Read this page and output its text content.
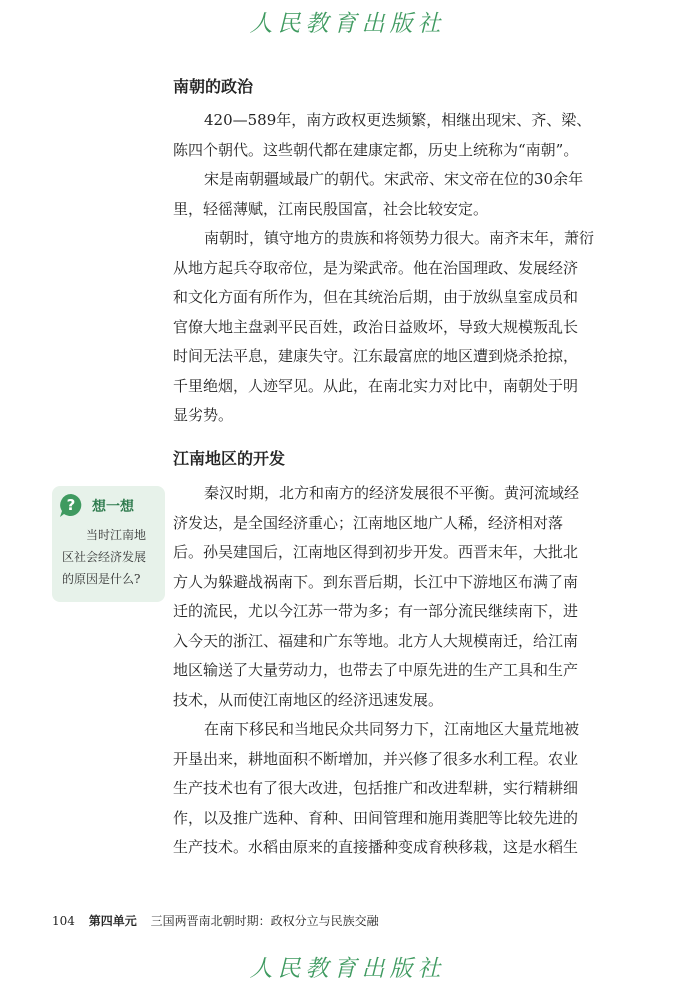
人民教育出版社
南朝的政治
420—589年，南方政权更迭频繁，相继出现宋、齐、梁、
陈四个朝代。这些朝代都在建康定都，历史上统称为“南朝”。
宋是南朝疆域最广的朝代。宋武帝、宋文帝在位的30余年
里，轻徭薄赋，江南民殷国富，社会比较安定。
南朝时，镇守地方的贵族和将领势力很大。南齐末年，萧衍
从地方起兵夺取帝位，是为梁武帝。他在治国理政、发展经济
和文化方面有所作为，但在其统治后期，由于放纵皇室成员和
官僚大地主盘剥平民百姓，政治日益败坏，导致大规模叛乱长
时间无法平息，建康失守。江东最富庶的地区遭到烧杀抢掠，
千里绝烟，人迹罕见。从此，在南北实力对比中，南朝处于明
显劣势。
江南地区的开发
? 想一想
当时江南地
区社会经济发展
的原因是什么?
秦汉时期，北方和南方的经济发展很不平衡。黄河流域经
济发达，是全国经济重心；江南地区地广人稀，经济相对落
后。孙吴建国后，江南地区得到初步开发。西晋末年，大批北
方人为躲避战祸南下。到东晋后期，长江中下游地区布满了南
迁的流民，尤以今江苏一带为多；有一部分流民继续南下，进
入今天的浙江、福建和广东等地。北方人大规模南迁，给江南
地区输送了大量劳动力，也带去了中原先进的生产工具和生产
技术，从而使江南地区的经济迅速发展。
在南下移民和当地民众共同努力下，江南地区大量荒地被
开垦出来，耕地面积不断增加，并兴修了很多水利工程。农业
生产技术也有了很大改进，包括推广和改进犁耕，实行精耕细
作，以及推广选种、育种、田间管理和施用粪肥等比较先进的
生产技术。水稻由原来的直接播种变成育秧移栽，这是水稻生
104 第四单元 三国两晋南北朝时期：政权分立与民族交融
人民教育出版社
